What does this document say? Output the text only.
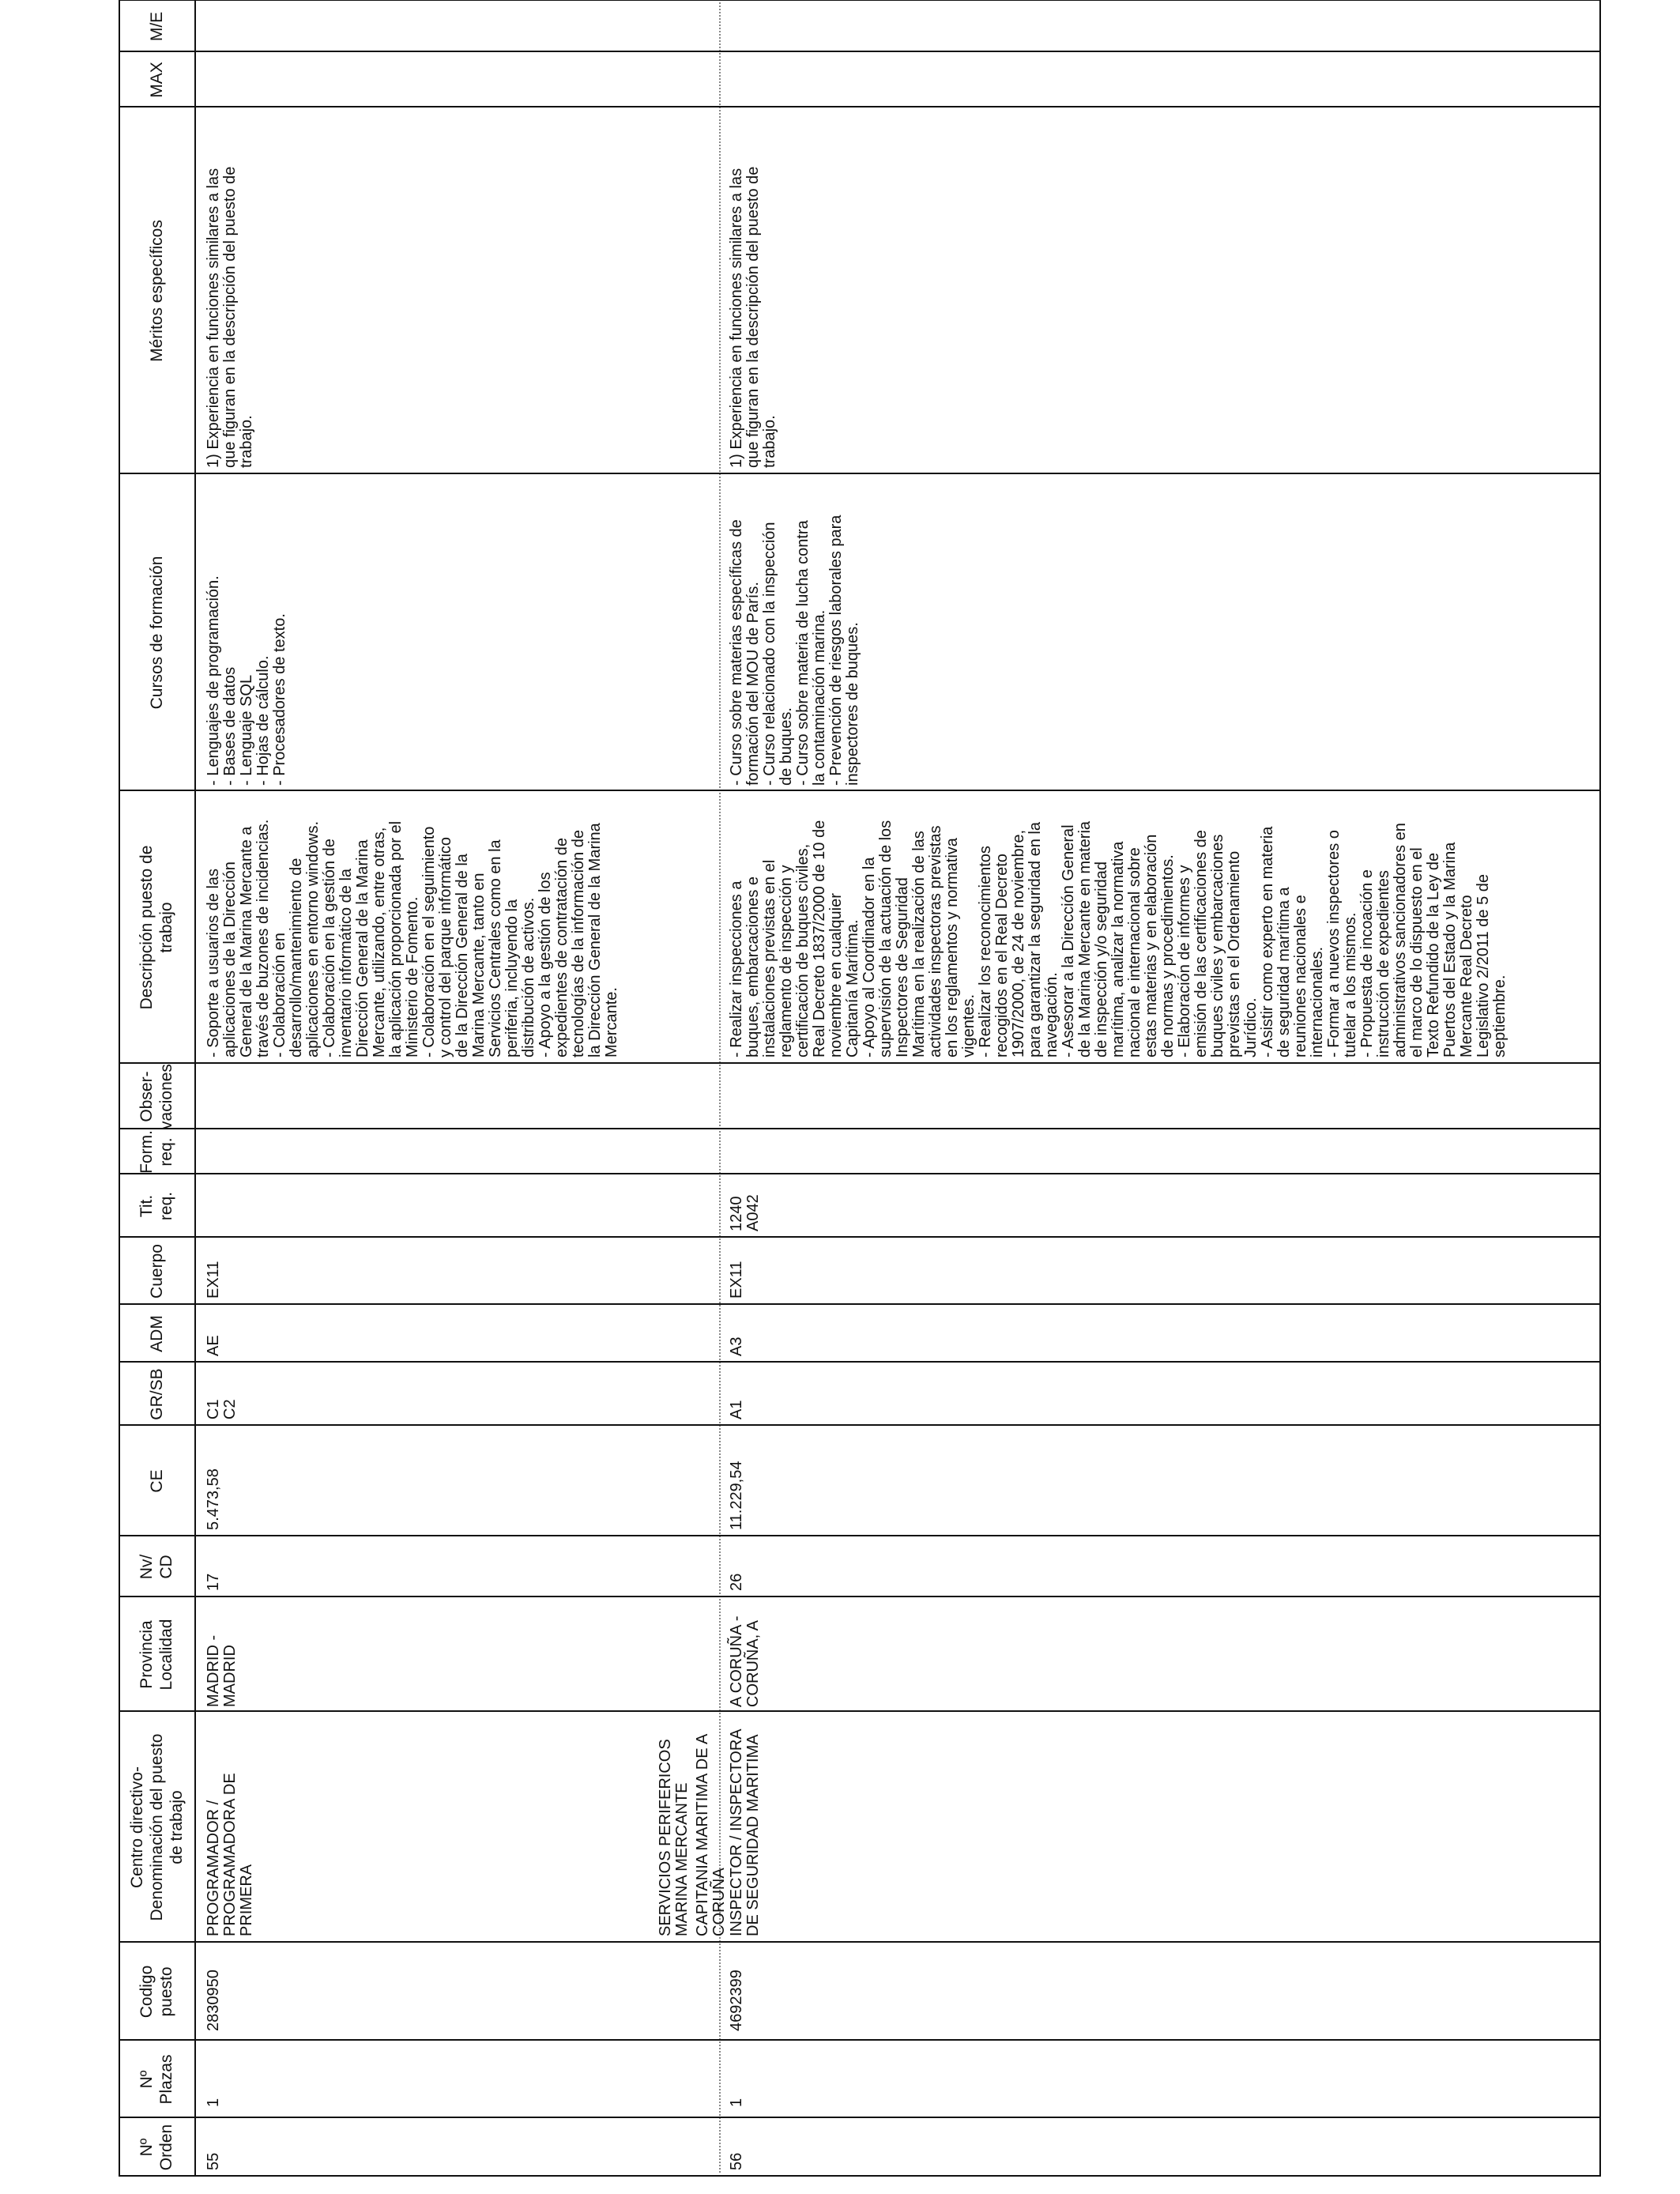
Nº
Orden
Nº
Plazas
Codigo
puesto
Centro directivo-
Denominación del puesto
de trabajo
Provincia
Localidad
Nv/
CD
CE
GR/SB
ADM
Cuerpo
Tit.
req.
Form.
req.
Obser-
vaciones
Descripción puesto de
trabajo
Cursos de formación
Méritos específicos
MAX
M/E
55
1
2830950
PROGRAMADOR /
PROGRAMADORA DE
PRIMERA
MADRID -
MADRID
17
5.473,58
C1
C2
AE
EX11
- Soporte a usuarios de las
aplicaciones de la Dirección
General de la Marina Mercante a
través de buzones de incidencias.
- Colaboración en
desarrollo/mantenimiento de
aplicaciones en entorno windows.
- Colaboración en la gestión de
inventario informático de la
Dirección General de la Marina
Mercante, utilizando, entre otras,
la aplicación proporcionada por el
Ministerio de Fomento.
- Colaboración en el seguimiento
y control del parque informático
de la Dirección General de la
Marina Mercante, tanto en
Servicios Centrales como en la
periferia, incluyendo la
distribución de activos.
- Apoyo a la gestión de los
expedientes de contratación de
tecnologías de la información de
la Dirección General de la Marina
Mercante.
- Lenguajes de programación.
- Bases de datos
- Lenguaje SQL
- Hojas de cálculo.
- Procesadores de texto.
1) Experiencia en funciones similares a las
que figuran en la descripción del puesto de
trabajo.
SERVICIOS PERIFERICOS
MARINA MERCANTE
CAPITANIA MARITIMA DE A
CORUÑA
56
1
4692399
INSPECTOR / INSPECTORA
DE SEGURIDAD MARITIMA
A CORUÑA -
CORUÑA, A
26
11.229,54
A1
A3
EX11
1240
A042
- Realizar inspecciones a
buques, embarcaciones e
instalaciones previstas en el
reglamento de inspección y
certificación de buques civiles,
Real Decreto 1837/2000 de 10 de
noviembre en cualquier
Capitanía Marítima.
- Apoyo al Coordinador en la
supervisión de la actuación de los
Inspectores de Seguridad
Marítima en la realización de las
actividades inspectoras previstas
en los reglamentos y normativa
vigentes.
- Realizar los reconocimientos
recogidos en el Real Decreto
1907/2000, de 24 de noviembre,
para garantizar la seguridad en la
navegación.
- Asesorar a la Dirección General
de la Marina Mercante en materia
de inspección y/o seguridad
marítima, analizar la normativa
nacional e internacional sobre
estas materias y en elaboración
de normas y procedimientos.
- Elaboración de informes y
emisión de las certificaciones de
buques civiles y embarcaciones
previstas en el Ordenamiento
Jurídico.
- Asistir como experto en materia
de seguridad marítima a
reuniones nacionales e
internacionales.
- Formar a nuevos inspectores o
tutelar a los mismos.
- Propuesta de incoación e
instrucción de expedientes
administrativos sancionadores en
el marco de lo dispuesto en el
Texto Refundido de la Ley de
Puertos del Estado y la Marina
Mercante Real Decreto
Legislativo 2/2011 de 5 de
septiembre.
- Curso sobre materias específicas de
formación del MOU de París.
- Curso relacionado con la inspección
de buques.
- Curso sobre materia de lucha contra
la contaminación marina.
- Prevención de riesgos laborales para
inspectores de buques.
1) Experiencia en funciones similares a las
que figuran en la descripción del puesto de
trabajo.
